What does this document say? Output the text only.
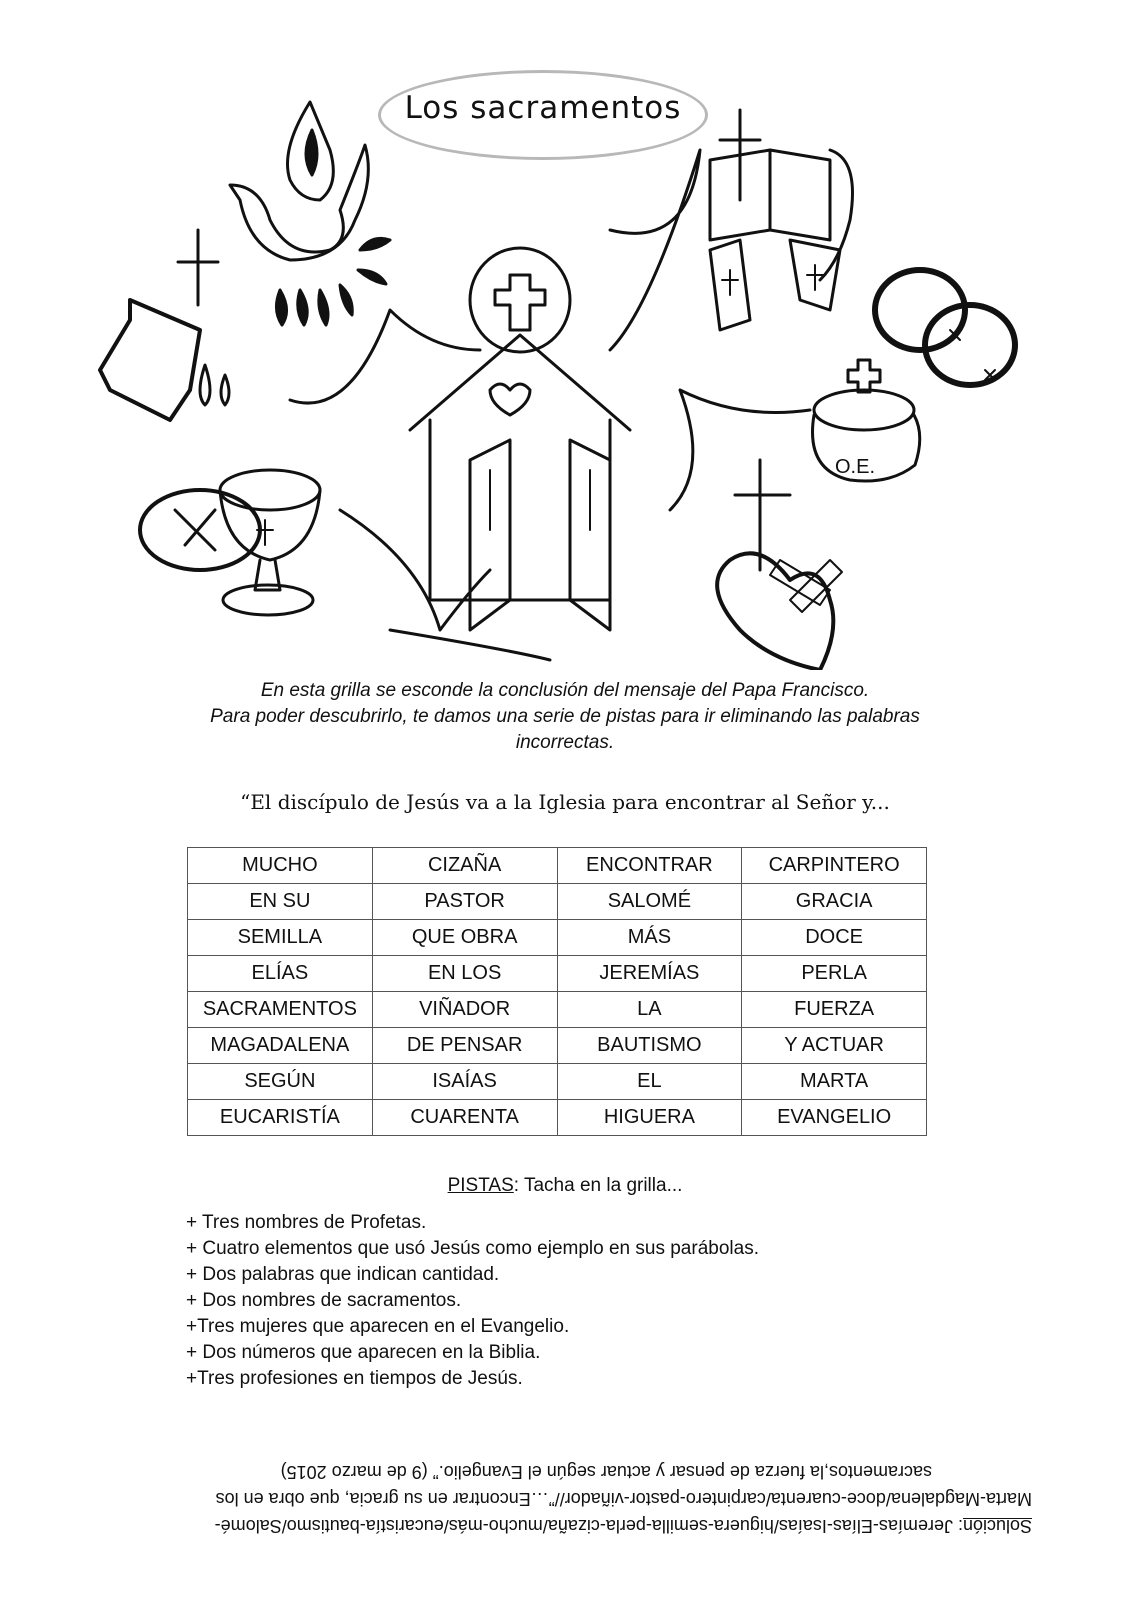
O.E.
Los sacramentos
En esta grilla se esconde la conclusión del mensaje del Papa Francisco.
Para poder descubrirlo, te damos una serie de pistas para ir eliminando las palabras
incorrectas.
“El discípulo de Jesús va a la Iglesia para encontrar al Señor y...
MUCHO	CIZAÑA	ENCONTRAR	CARPINTERO
EN SU	PASTOR	SALOMÉ	GRACIA
SEMILLA	QUE OBRA	MÁS	DOCE
ELÍAS	EN LOS	JEREMÍAS	PERLA
SACRAMENTOS	VIÑADOR	LA	FUERZA
MAGADALENA	DE PENSAR	BAUTISMO	Y ACTUAR
SEGÚN	ISAÍAS	EL	MARTA
EUCARISTÍA	CUARENTA	HIGUERA	EVANGELIO
PISTAS: Tacha en la grilla...
+ Tres nombres de Profetas.
+ Cuatro elementos que usó Jesús como ejemplo en sus parábolas.
+ Dos palabras que indican cantidad.
+ Dos nombres de sacramentos.
+Tres mujeres que aparecen en el Evangelio.
+ Dos números que aparecen en la Biblia.
+Tres profesiones en tiempos de Jesús.

Solución: Jeremías-Elías-Isaías/higuera-semilla-perla-cizaña/mucho-más/eucaristía-bautismo/Salomé-

Marta-Magdalena/doce-cuarenta/carpintero-pastor-viñador//”…Encontrar en su gracia, que obra en los

sacramentos,la fuerza de pensar y actuar según el Evangelio.” (9 de marzo 2015)
